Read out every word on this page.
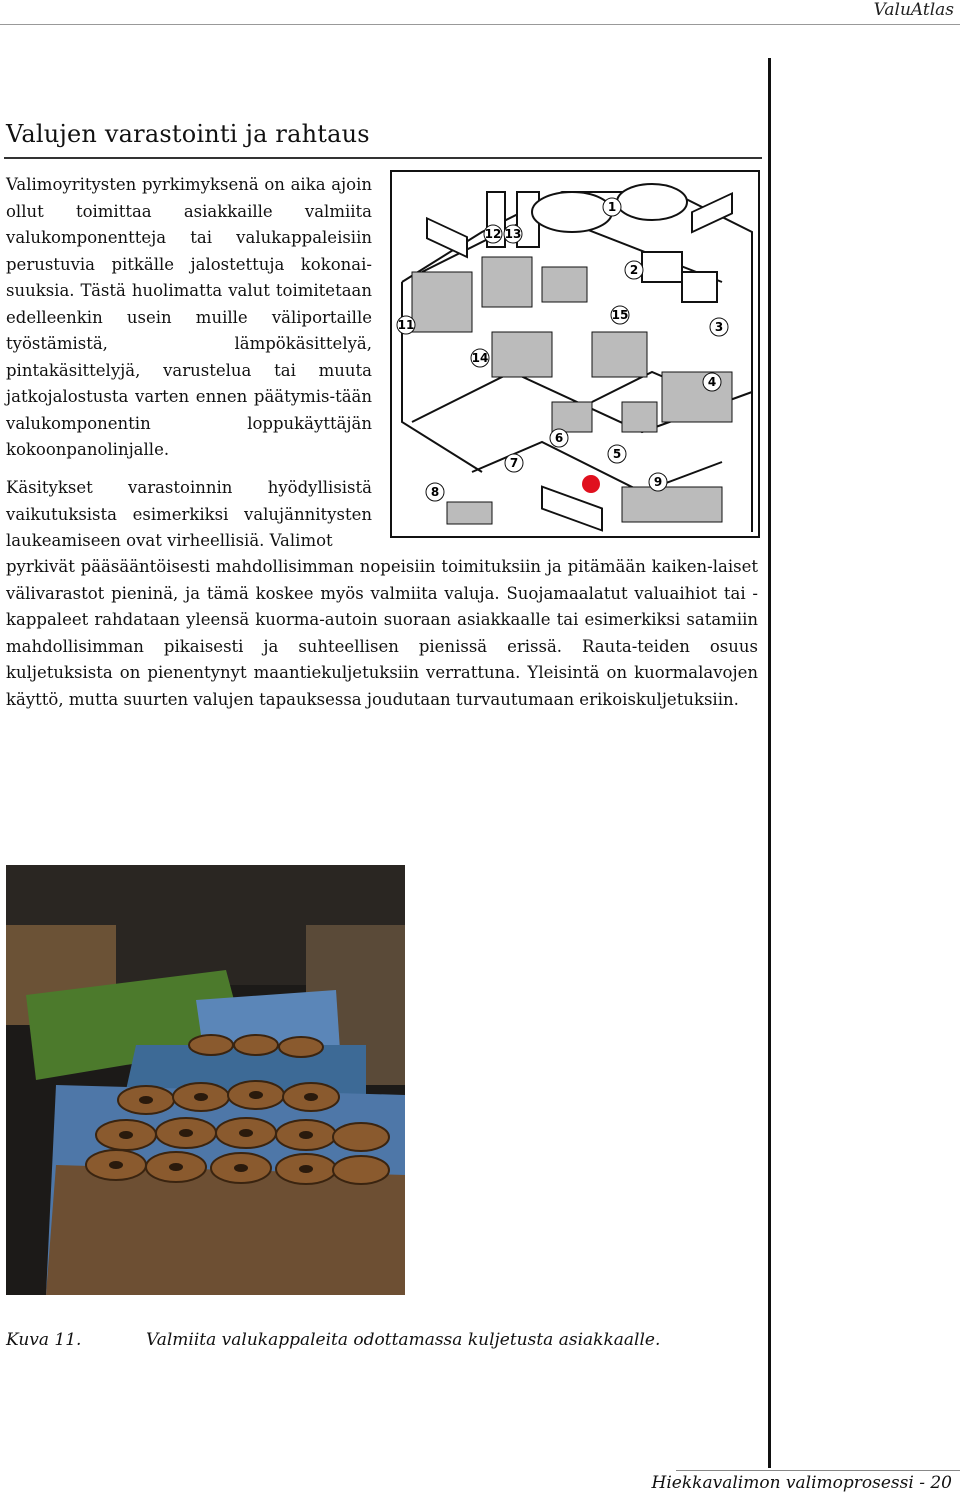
ValuAtlas
Valujen varastointi ja rahtaus

Valimoyritysten pyrkimyksenä on aika ajoin ollut toimittaa asiakkaille valmiita valukomponentteja tai valukappaleisiin perustuvia pitkälle jalostettuja kokonai-suuksia. Tästä huolimatta valut toimitetaan edelleenkin usein muille väliportaille työstämistä, lämpökäsittelyä, pintakäsittelyjä, varustelua tai muuta jatkojalostusta varten ennen päätymis-tään valukomponentin loppukäyttäjän kokoonpanolinjalle.

Käsitykset varastoinnin hyödyllisistä vaikutuksista esimerkiksi valujännitysten laukeamiseen ovat virheellisiä. Valimot

pyrkivät pääsääntöisesti mahdollisimman nopeisiin toimituksiin ja pitämään kaiken-laiset välivarastot pieninä, ja tämä koskee myös valmiita valuja. Suojamaalatut valuaihiot tai -kappaleet rahdataan yleensä kuorma-autoin suoraan asiakkaalle tai esimerkiksi satamiin mahdollisimman pikaisesti ja suhteellisen pienissä erissä. Rauta-teiden osuus kuljetuksista on pienentynyt maantiekuljetuksiin verrattuna. Yleisintä on kuormalavojen käyttö, mutta suurten valujen tapauksessa joudutaan turvautumaan erikoiskuljetuksiin.

1
2
3
4
5
6
7
8
9
11
12 13
14
15
Kuva 11.	Valmiita valukappaleita odottamassa kuljetusta asiakkaalle.
Hiekkavalimon valimoprosessi - 20
